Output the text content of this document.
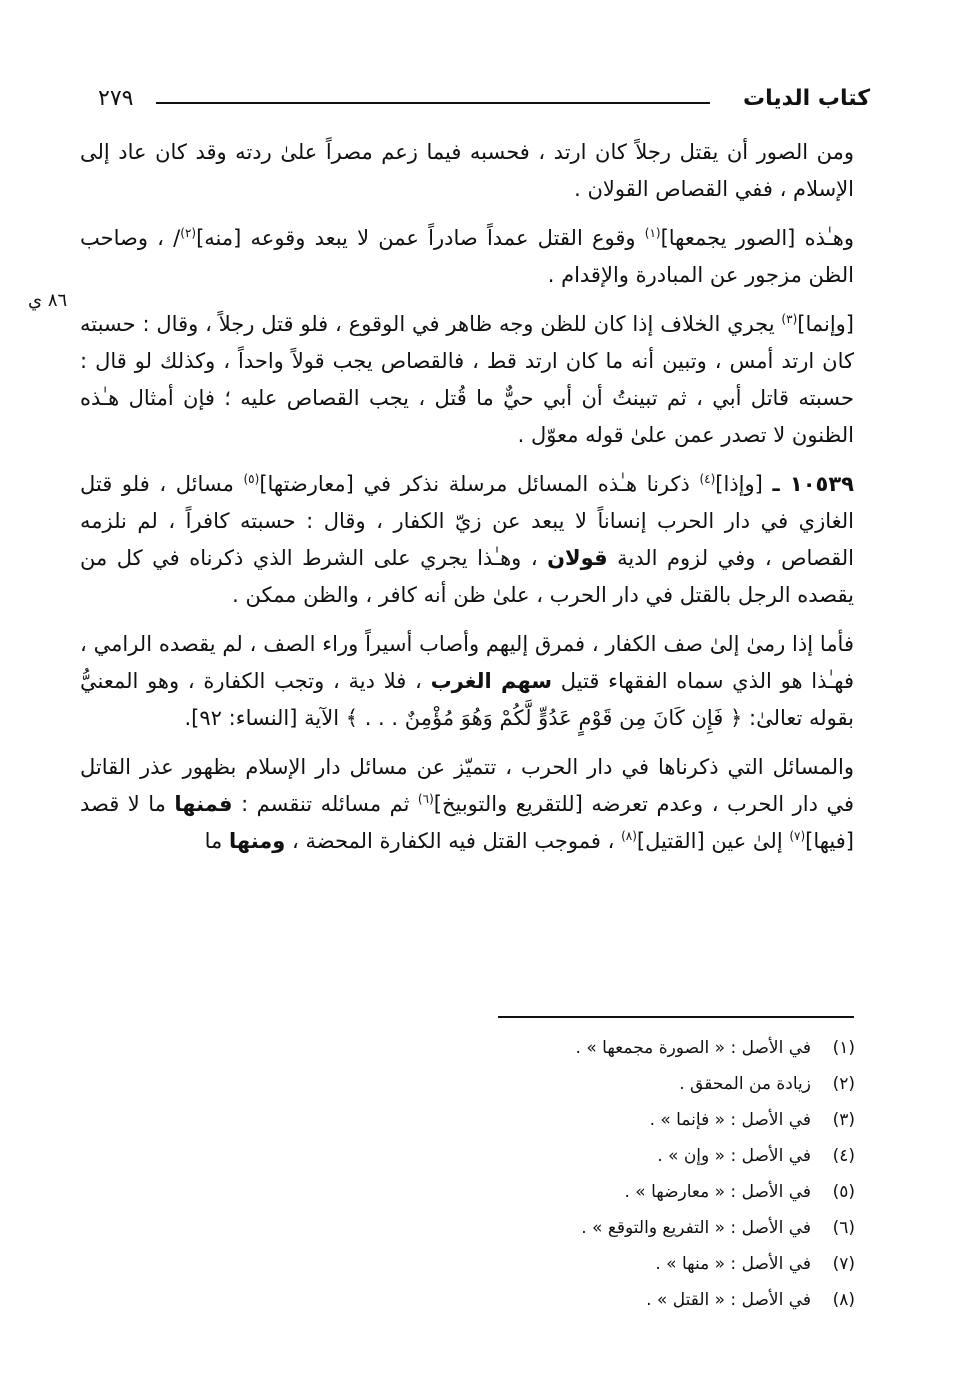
كتاب الديات
٢٧٩
٨٦ ي

ومن الصور أن يقتل رجلاً كان ارتد ، فحسبه فيما زعم مصراً علىٰ ردته وقد كان عاد إلى الإسلام ، ففي القصاص القولان .

وهـٰذه [الصور يجمعها]$^{(١)}$ وقوع القتل عمداً صادراً عمن لا يبعد وقوعه [منه]$^{(٢)}$/ ، وصاحب الظن مزجور عن المبادرة والإقدام .

[وإنما]$^{(٣)}$ يجري الخلاف إذا كان للظن وجه ظاهر في الوقوع ، فلو قتل رجلاً ، وقال : حسبته كان ارتد أمس ، وتبين أنه ما كان ارتد قط ، فالقصاص يجب قولاً واحداً ، وكذلك لو قال : حسبته قاتل أبي ، ثم تبينتُ أن أبي حيٌّ ما قُتل ، يجب القصاص عليه ؛ فإن أمثال هـٰذه الظنون لا تصدر عمن علىٰ قوله معوّل .

١٠٥٣٩ ـ [وإذا]$^{(٤)}$ ذكرنا هـٰذه المسائل مرسلة نذكر في [معارضتها]$^{(٥)}$ مسائل ، فلو قتل الغازي في دار الحرب إنساناً لا يبعد عن زيّ الكفار ، وقال : حسبته كافراً ، لم نلزمه القصاص ، وفي لزوم الدية قولان ، وهـٰذا يجري على الشرط الذي ذكرناه في كل من يقصده الرجل بالقتل في دار الحرب ، علىٰ ظن أنه كافر ، والظن ممكن .

فأما إذا رمىٰ إلىٰ صف الكفار ، فمرق إليهم وأصاب أسيراً وراء الصف ، لم يقصده الرامي ، فهـٰذا هو الذي سماه الفقهاء قتيل سهم الغرب ، فلا دية ، وتجب الكفارة ، وهو المعنيُّ بقوله تعالىٰ: ﴿ فَإِن كَانَ مِن قَوْمٍ عَدُوٍّ لَّكُمْ وَهُوَ مُؤْمِنٌ . . . ﴾ الآية [النساء: ٩٢].

والمسائل التي ذكرناها في دار الحرب ، تتميّز عن مسائل دار الإسلام بظهور عذر القاتل في دار الحرب ، وعدم تعرضه [للتقريع والتوبيخ]$^{(٦)}$ ثم مسائله تنقسم : فمنها ما لا قصد [فيها]$^{(٧)}$ إلىٰ عين [القتيل]$^{(٨)}$ ، فموجب القتل فيه الكفارة المحضة ، ومنها ما

(١)في الأصل : « الصورة مجمعها » .
(٢)زيادة من المحقق .
(٣)في الأصل : « فإنما » .
(٤)في الأصل : « وإن » .
(٥)في الأصل : « معارضها » .
(٦)في الأصل : « التفريع والتوقع » .
(٧)في الأصل : « منها » .
(٨)في الأصل : « القتل » .
